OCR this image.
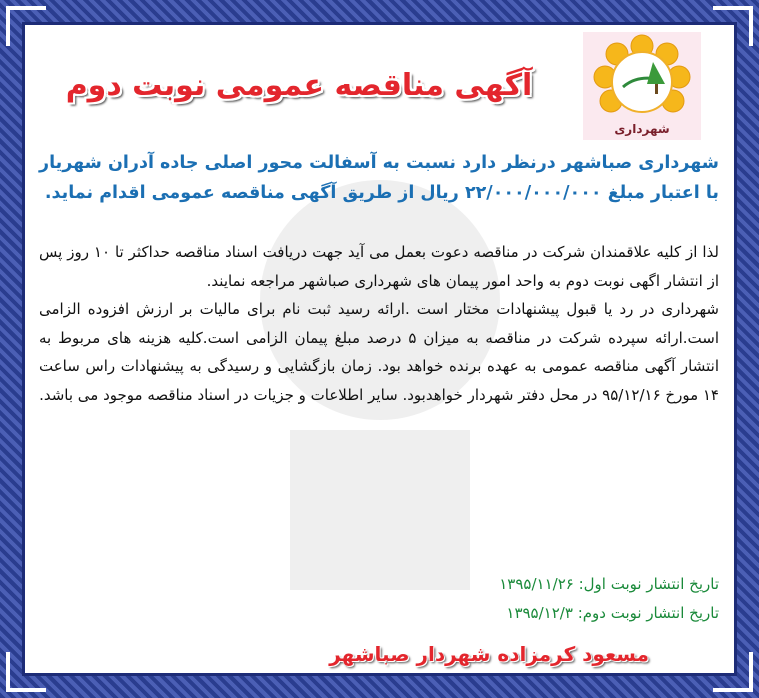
شهرداری
آگهی مناقصه عمومی نوبت دوم
شهرداری صباشهر درنظر دارد نسبت به آسفالت محور اصلی جاده آدران شهریار با اعتبار مبلغ ۲۲/۰۰۰/۰۰۰/۰۰۰ ریال از طریق آگهی مناقصه عمومی اقدام نماید.

لذا از کلیه علاقمندان شرکت در مناقصه دعوت بعمل می آید جهت دریافت اسناد مناقصه حداکثر تا ۱۰ روز پس از انتشار اگهی نوبت دوم به واحد امور پیمان های شهرداری صباشهر مراجعه نمایند.

شهرداری در رد یا قبول پیشنهادات مختار است .ارائه رسید ثبت نام برای مالیات بر ارزش افزوده الزامی است.ارائه سپرده شرکت در مناقصه به میزان ۵ درصد مبلغ پیمان الزامی است.کلیه هزینه های مربوط به انتشار آگهی مناقصه عمومی به عهده برنده خواهد بود. زمان بازگشایی و رسیدگی به پیشنهادات راس ساعت ۱۴ مورخ ۹۵/۱۲/۱۶ در محل دفتر شهردار خواهدبود. سایر اطلاعات و جزیات در اسناد مناقصه موجود می باشد.

تاریخ انتشار نوبت اول: ۱۳۹۵/۱۱/۲۶
تاریخ انتشار نوبت دوم: ۱۳۹۵/۱۲/۳
مسعود کرمزاده شهردار صباشهر
